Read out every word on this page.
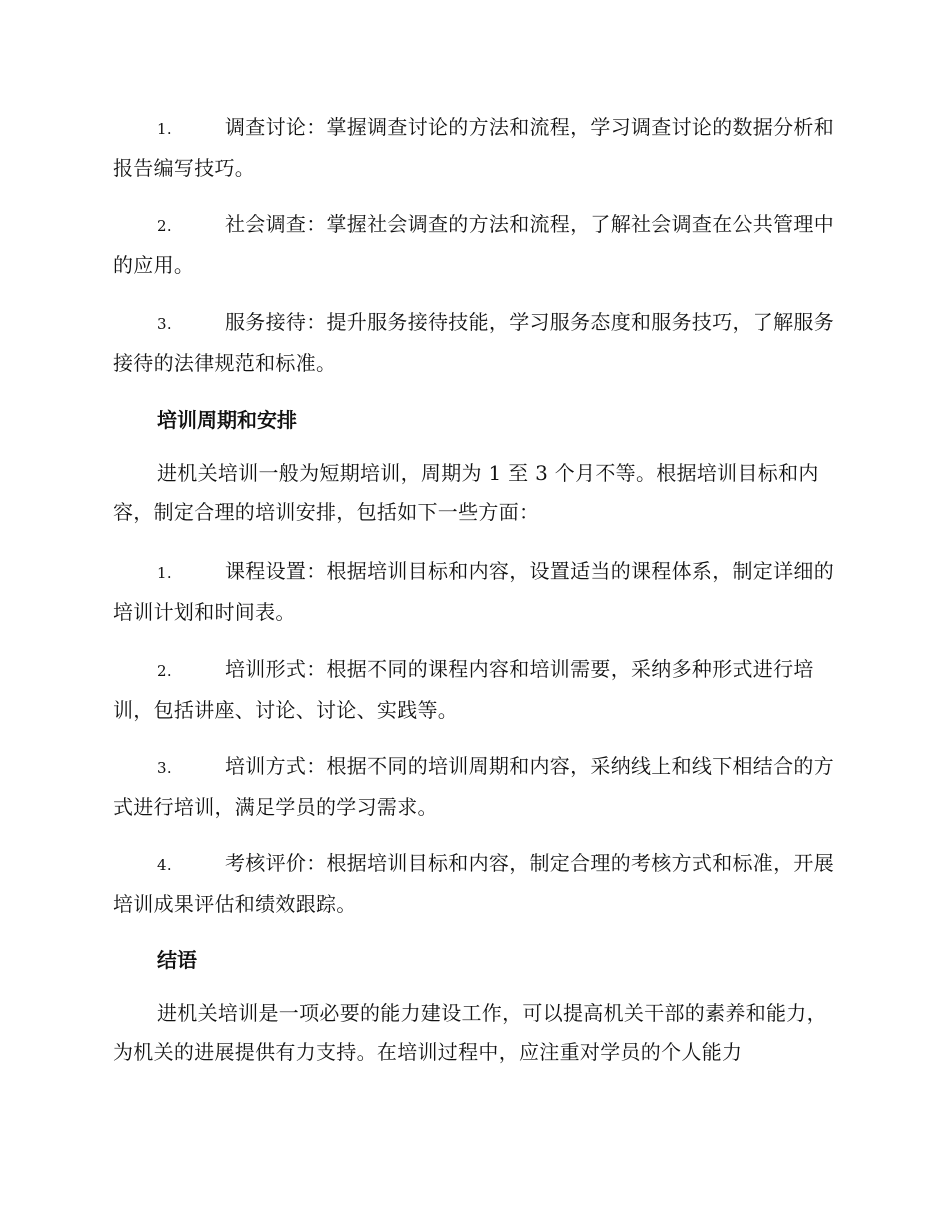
1.	调查讨论：掌握调查讨论的方法和流程，学习调查讨论的数据分析和报告编写技巧。
2.	社会调查：掌握社会调查的方法和流程，了解社会调查在公共管理中的应用。
3.	服务接待：提升服务接待技能，学习服务态度和服务技巧，了解服务接待的法律规范和标准。
培训周期和安排
进机关培训一般为短期培训，周期为 1 至 3 个月不等。根据培训目标和内容，制定合理的培训安排，包括如下一些方面：
1.	课程设置：根据培训目标和内容，设置适当的课程体系，制定详细的培训计划和时间表。
2.	培训形式：根据不同的课程内容和培训需要，采纳多种形式进行培训，包括讲座、讨论、讨论、实践等。
3.	培训方式：根据不同的培训周期和内容，采纳线上和线下相结合的方式进行培训，满足学员的学习需求。
4.	考核评价：根据培训目标和内容，制定合理的考核方式和标准，开展培训成果评估和绩效跟踪。
结语
进机关培训是一项必要的能力建设工作，可以提高机关干部的素养和能力，为机关的进展提供有力支持。在培训过程中，应注重对学员的个人能力
